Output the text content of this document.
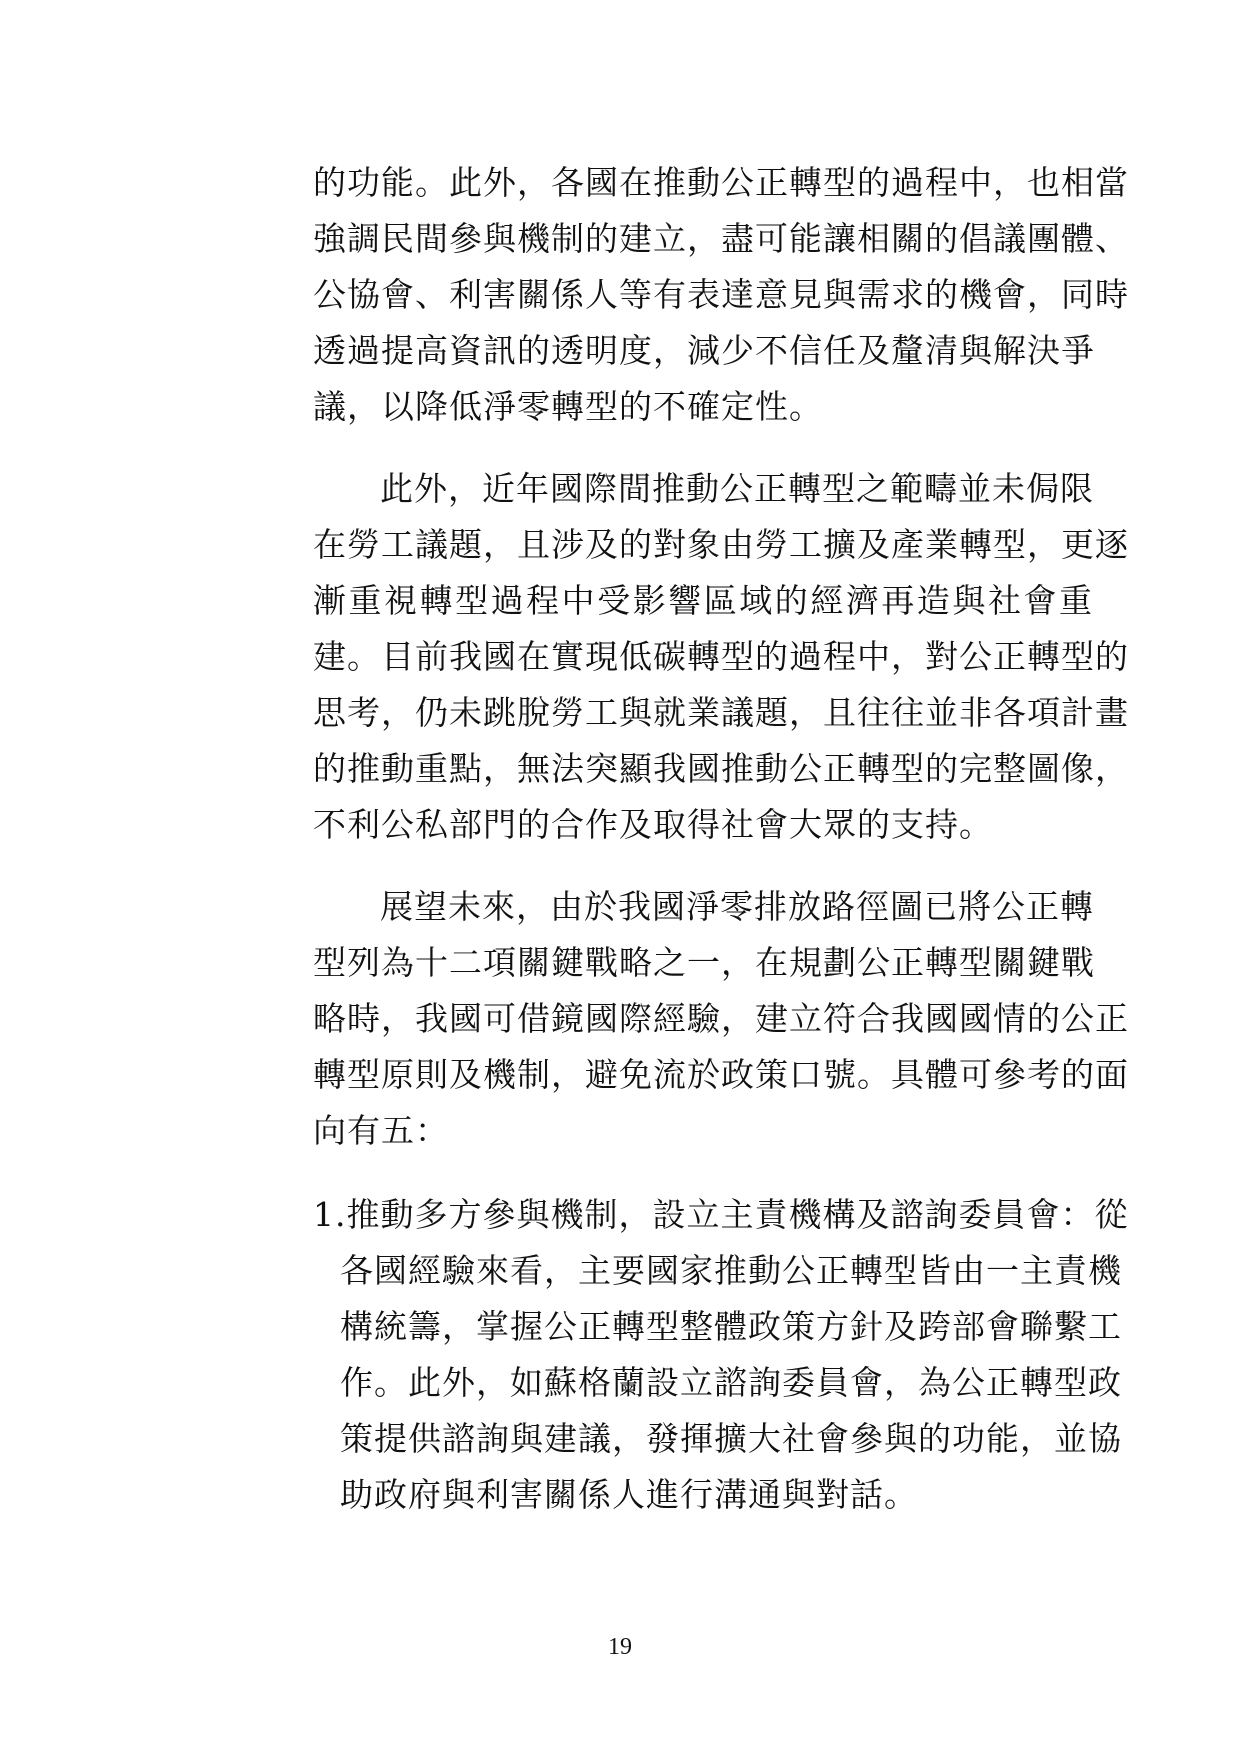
的功能。此外，各國在推動公正轉型的過程中，也相當
強調民間參與機制的建立，盡可能讓相關的倡議團體、
公協會、利害關係人等有表達意見與需求的機會，同時
透過提高資訊的透明度，減少不信任及釐清與解決爭
議，以降低淨零轉型的不確定性。
此外，近年國際間推動公正轉型之範疇並未侷限
在勞工議題，且涉及的對象由勞工擴及產業轉型，更逐
漸重視轉型過程中受影響區域的經濟再造與社會重
建。目前我國在實現低碳轉型的過程中，對公正轉型的
思考，仍未跳脫勞工與就業議題，且往往並非各項計畫
的推動重點，無法突顯我國推動公正轉型的完整圖像，
不利公私部門的合作及取得社會大眾的支持。
展望未來，由於我國淨零排放路徑圖已將公正轉
型列為十二項關鍵戰略之一，在規劃公正轉型關鍵戰
略時，我國可借鏡國際經驗，建立符合我國國情的公正
轉型原則及機制，避免流於政策口號。具體可參考的面
向有五：
1.推動多方參與機制，設立主責機構及諮詢委員會：從
各國經驗來看，主要國家推動公正轉型皆由一主責機
構統籌，掌握公正轉型整體政策方針及跨部會聯繫工
作。此外，如蘇格蘭設立諮詢委員會，為公正轉型政
策提供諮詢與建議，發揮擴大社會參與的功能，並協
助政府與利害關係人進行溝通與對話。
19
